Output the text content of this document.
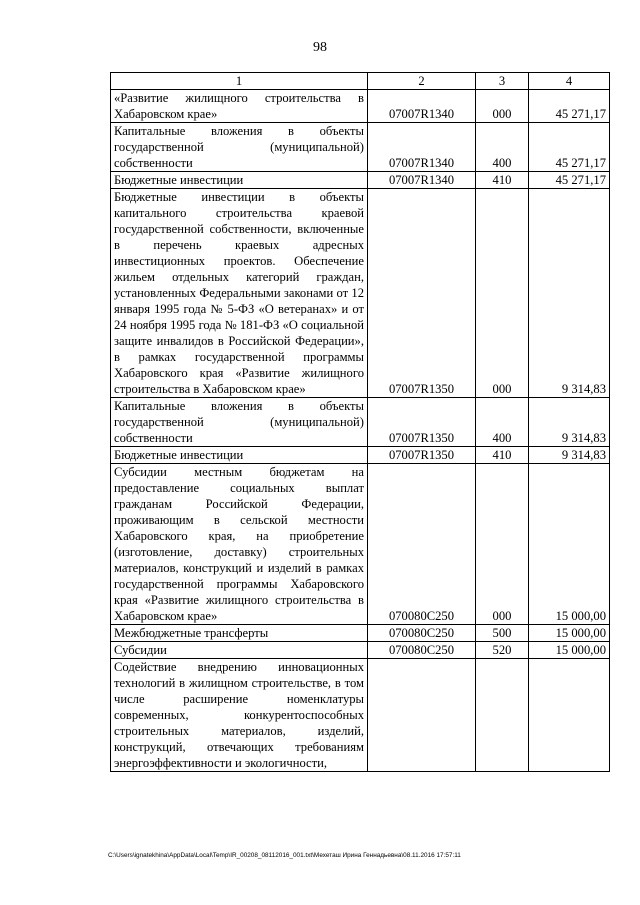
98
1	2	3	4
«Развитие жилищного строительства в Хабаровском крае»	07007R1340	000	45 271,17
Капитальные вложения в объекты государственной (муниципальной) собственности	07007R1340	400	45 271,17
Бюджетные инвестиции	07007R1340	410	45 271,17
Бюджетные инвестиции в объекты капитального строительства краевой государственной собственности, включенные в перечень краевых адресных инвестиционных проектов. Обеспечение жильем отдельных категорий граждан, установленных Федеральными законами от 12 января 1995 года № 5-ФЗ «О ветеранах» и от 24 ноября 1995 года № 181-ФЗ «О социальной защите инвалидов в Российской Федерации», в рамках государственной программы Хабаровского края «Развитие жилищного строительства в Хабаровском крае»	07007R1350	000	9 314,83
Капитальные вложения в объекты государственной (муниципальной) собственности	07007R1350	400	9 314,83
Бюджетные инвестиции	07007R1350	410	9 314,83
Субсидии местным бюджетам на предоставление социальных выплат гражданам Российской Федерации, проживающим в сельской местности Хабаровского края, на приобретение (изготовление, доставку) строительных материалов, конструкций и изделий в рамках государственной программы Хабаровского края «Развитие жилищного строительства в Хабаровском крае»	070080C250	000	15 000,00
Межбюджетные трансферты	070080C250	500	15 000,00
Субсидии	070080C250	520	15 000,00
Содействие внедрению инновационных технологий в жилищном строительстве, в том числе расширение номенклатуры современных, конкурентоспособных строительных материалов, изделий, конструкций, отвечающих требованиям энергоэффективности и экологичности,			
C:\Users\ignatekhina\AppData\Local\Temp\IR_00208_08112016_001.txt\Мехеташ Ирина Геннадьевна\08.11.2016 17:57:11
